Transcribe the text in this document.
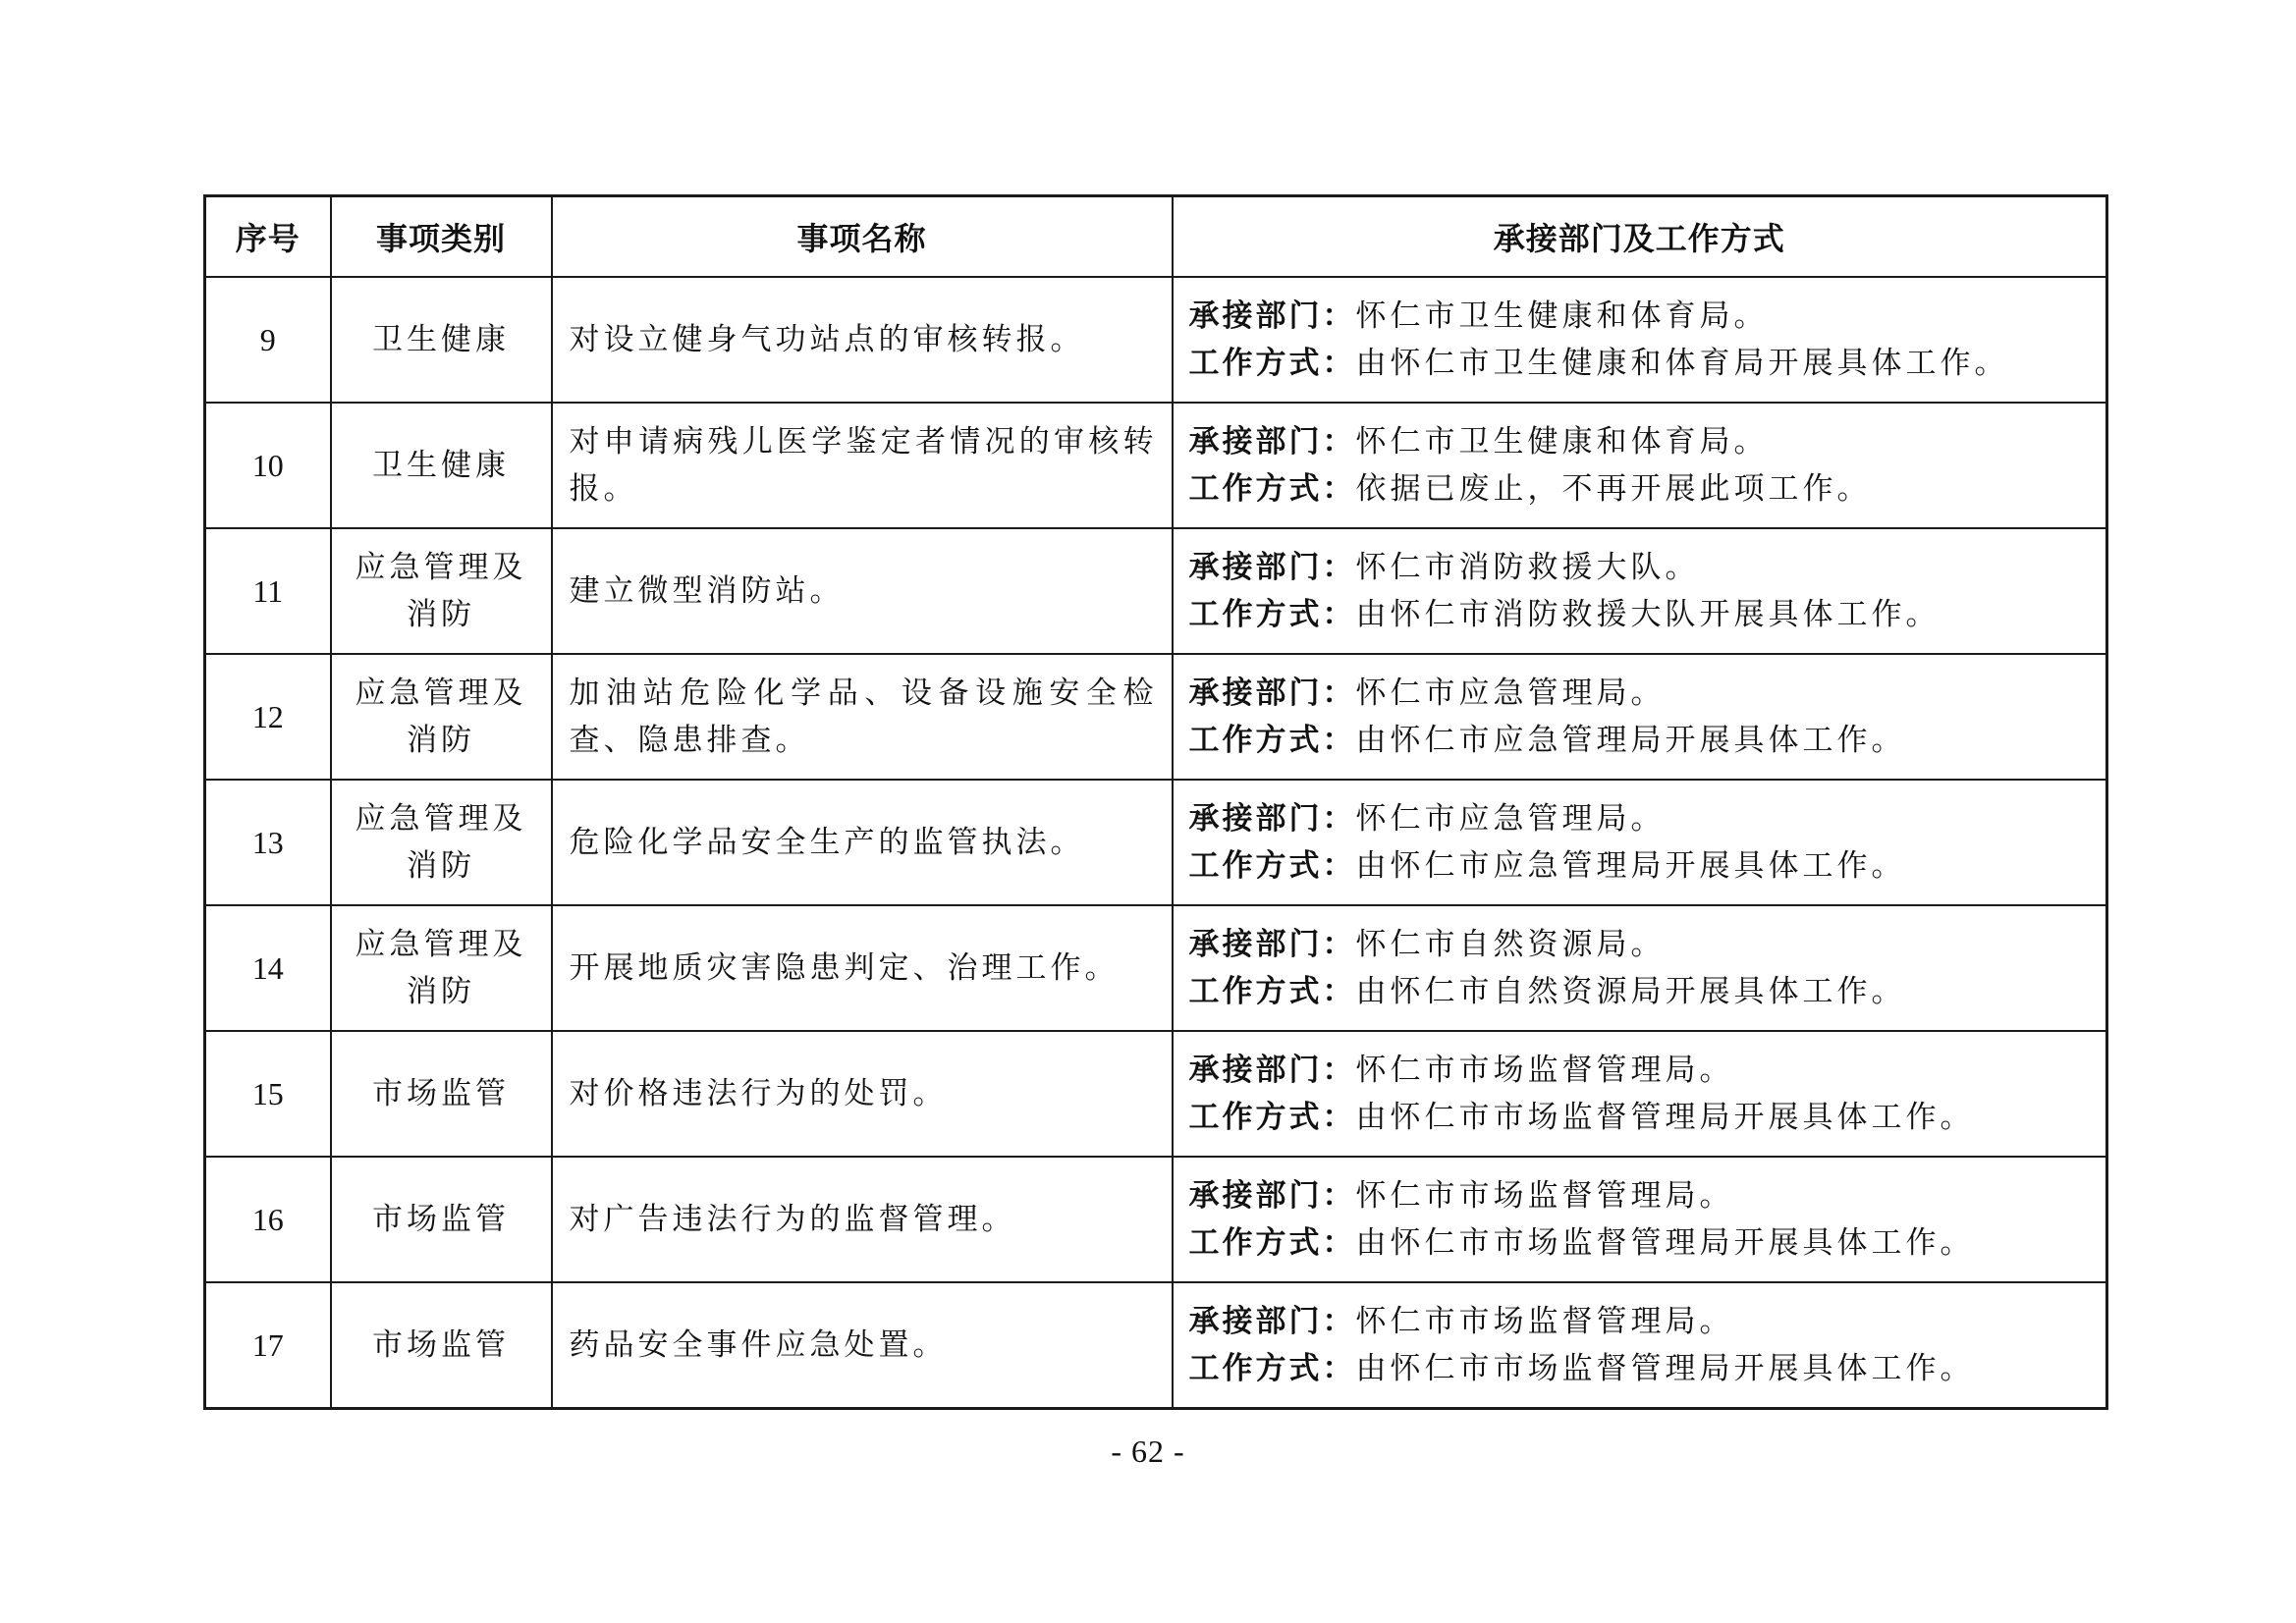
序号	事项类别	事项名称	承接部门及工作方式
9	卫生健康	对设立健身气功站点的审核转报。	承接部门：怀仁市卫生健康和体育局。
工作方式：由怀仁市卫生健康和体育局开展具体工作。

10	卫生健康	对申请病残儿医学鉴定者情况的审核转报。	承接部门：怀仁市卫生健康和体育局。
工作方式：依据已废止，不再开展此项工作。

11	应急管理及消防	建立微型消防站。	承接部门：怀仁市消防救援大队。
工作方式：由怀仁市消防救援大队开展具体工作。

12	应急管理及消防	加油站危险化学品、设备设施安全检查、隐患排查。	承接部门：怀仁市应急管理局。
工作方式：由怀仁市应急管理局开展具体工作。

13	应急管理及消防	危险化学品安全生产的监管执法。	承接部门：怀仁市应急管理局。
工作方式：由怀仁市应急管理局开展具体工作。

14	应急管理及消防	开展地质灾害隐患判定、治理工作。	承接部门：怀仁市自然资源局。
工作方式：由怀仁市自然资源局开展具体工作。

15	市场监管	对价格违法行为的处罚。	承接部门：怀仁市市场监督管理局。
工作方式：由怀仁市市场监督管理局开展具体工作。

16	市场监管	对广告违法行为的监督管理。	承接部门：怀仁市市场监督管理局。
工作方式：由怀仁市市场监督管理局开展具体工作。

17	市场监管	药品安全事件应急处置。	承接部门：怀仁市市场监督管理局。
工作方式：由怀仁市市场监督管理局开展具体工作。
- 62 -
